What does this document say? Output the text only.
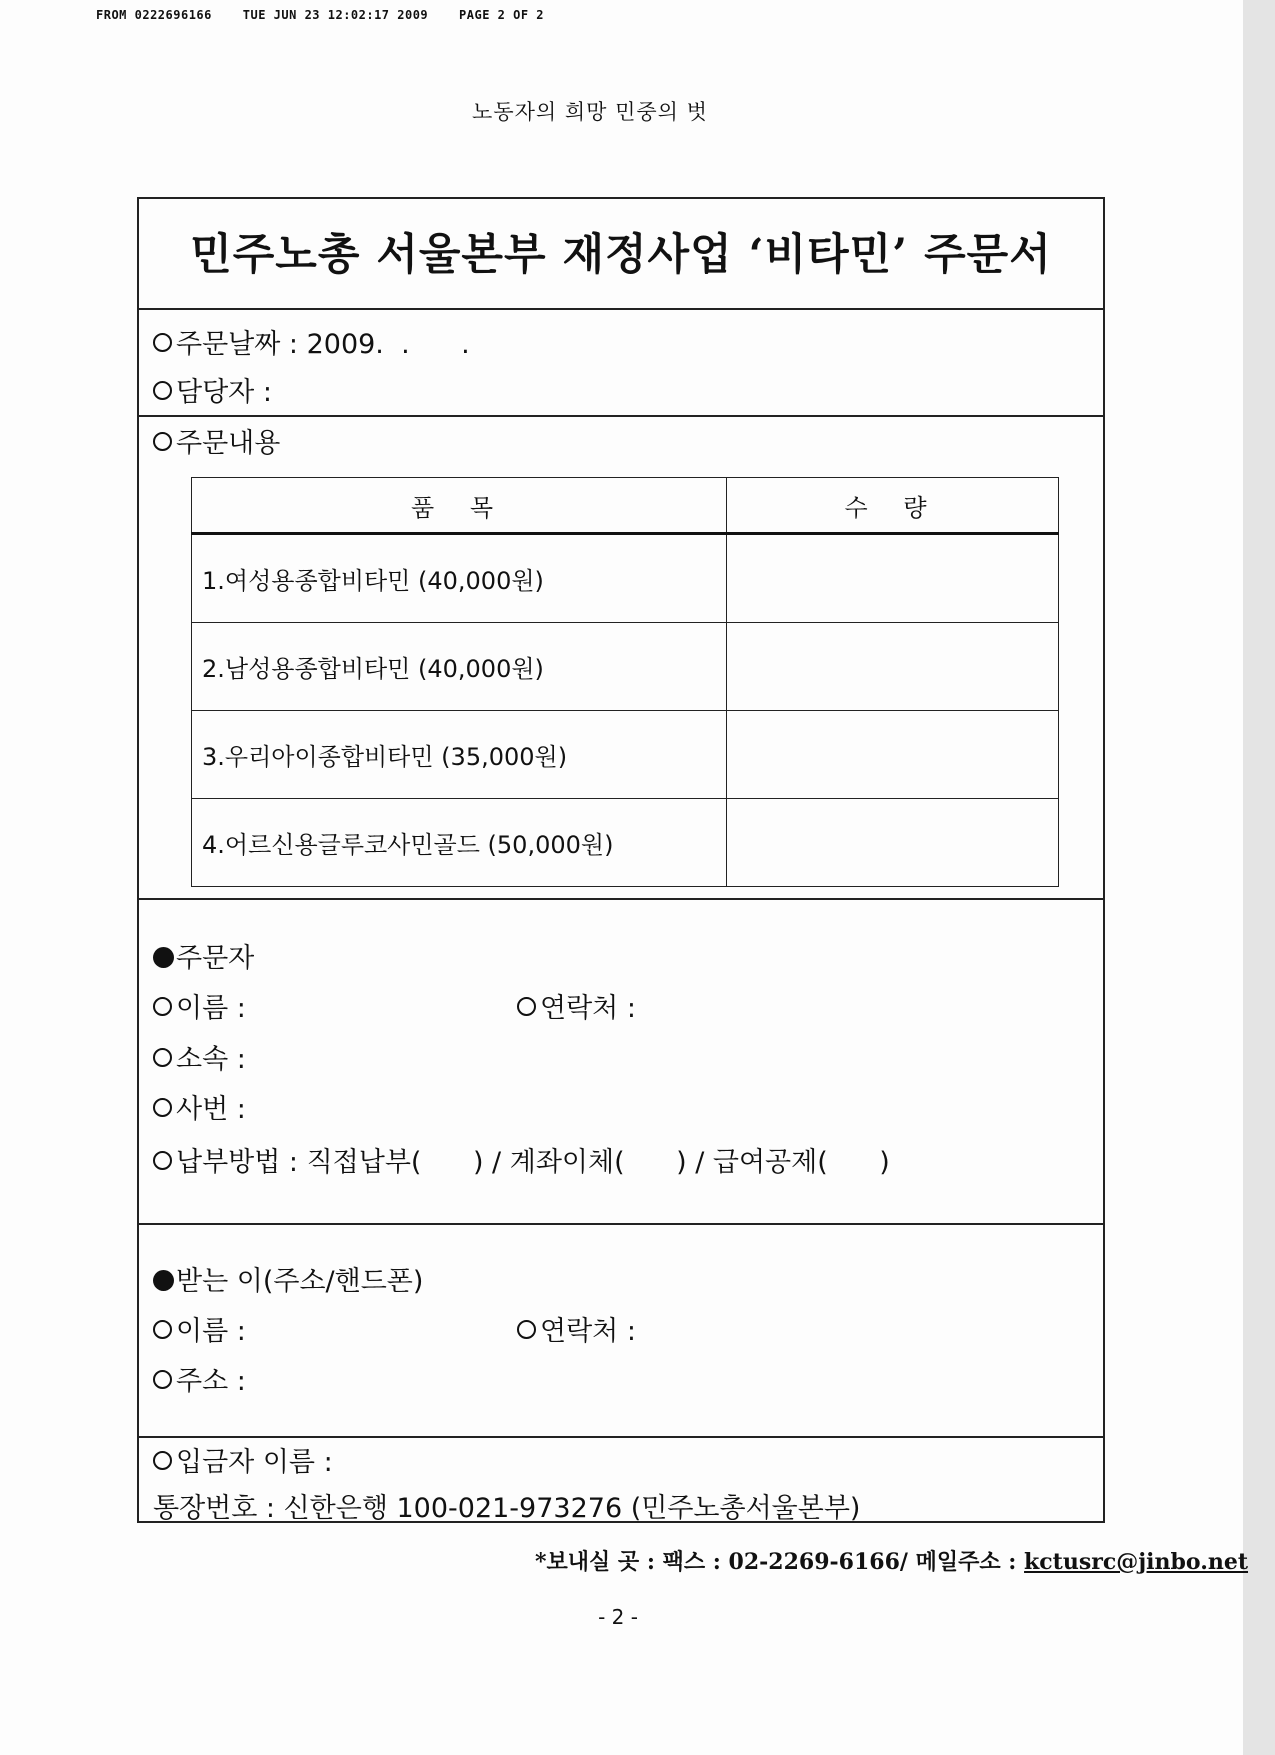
FROM 0222696166    TUE JUN 23 12:02:17 2009    PAGE 2 OF 2
노동자의 희망 민중의 벗
민주노총 서울본부 재정사업 ‘비타민’ 주문서
주문날짜 : 2009. .      .
담당자 :
주문내용
품 목	수 량
1.여성용종합비타민 (40,000원)	
2.남성용종합비타민 (40,000원)	
3.우리아이종합비타민 (35,000원)	
4.어르신용글루코사민골드 (50,000원)	
주문자
이름 :	연락처 :
소속 :
사번 :
납부방법 : 직접납부(      ) / 계좌이체(      ) / 급여공제(      )
받는 이(주소/핸드폰)
이름 :	연락처 :
주소 :
입금자 이름 :
통장번호 : 신한은행 100-021-973276 (민주노총서울본부)
*보내실 곳 : 팩스 : 02-2269-6166/ 메일주소 : kctusrc@jinbo.net
- 2 -
